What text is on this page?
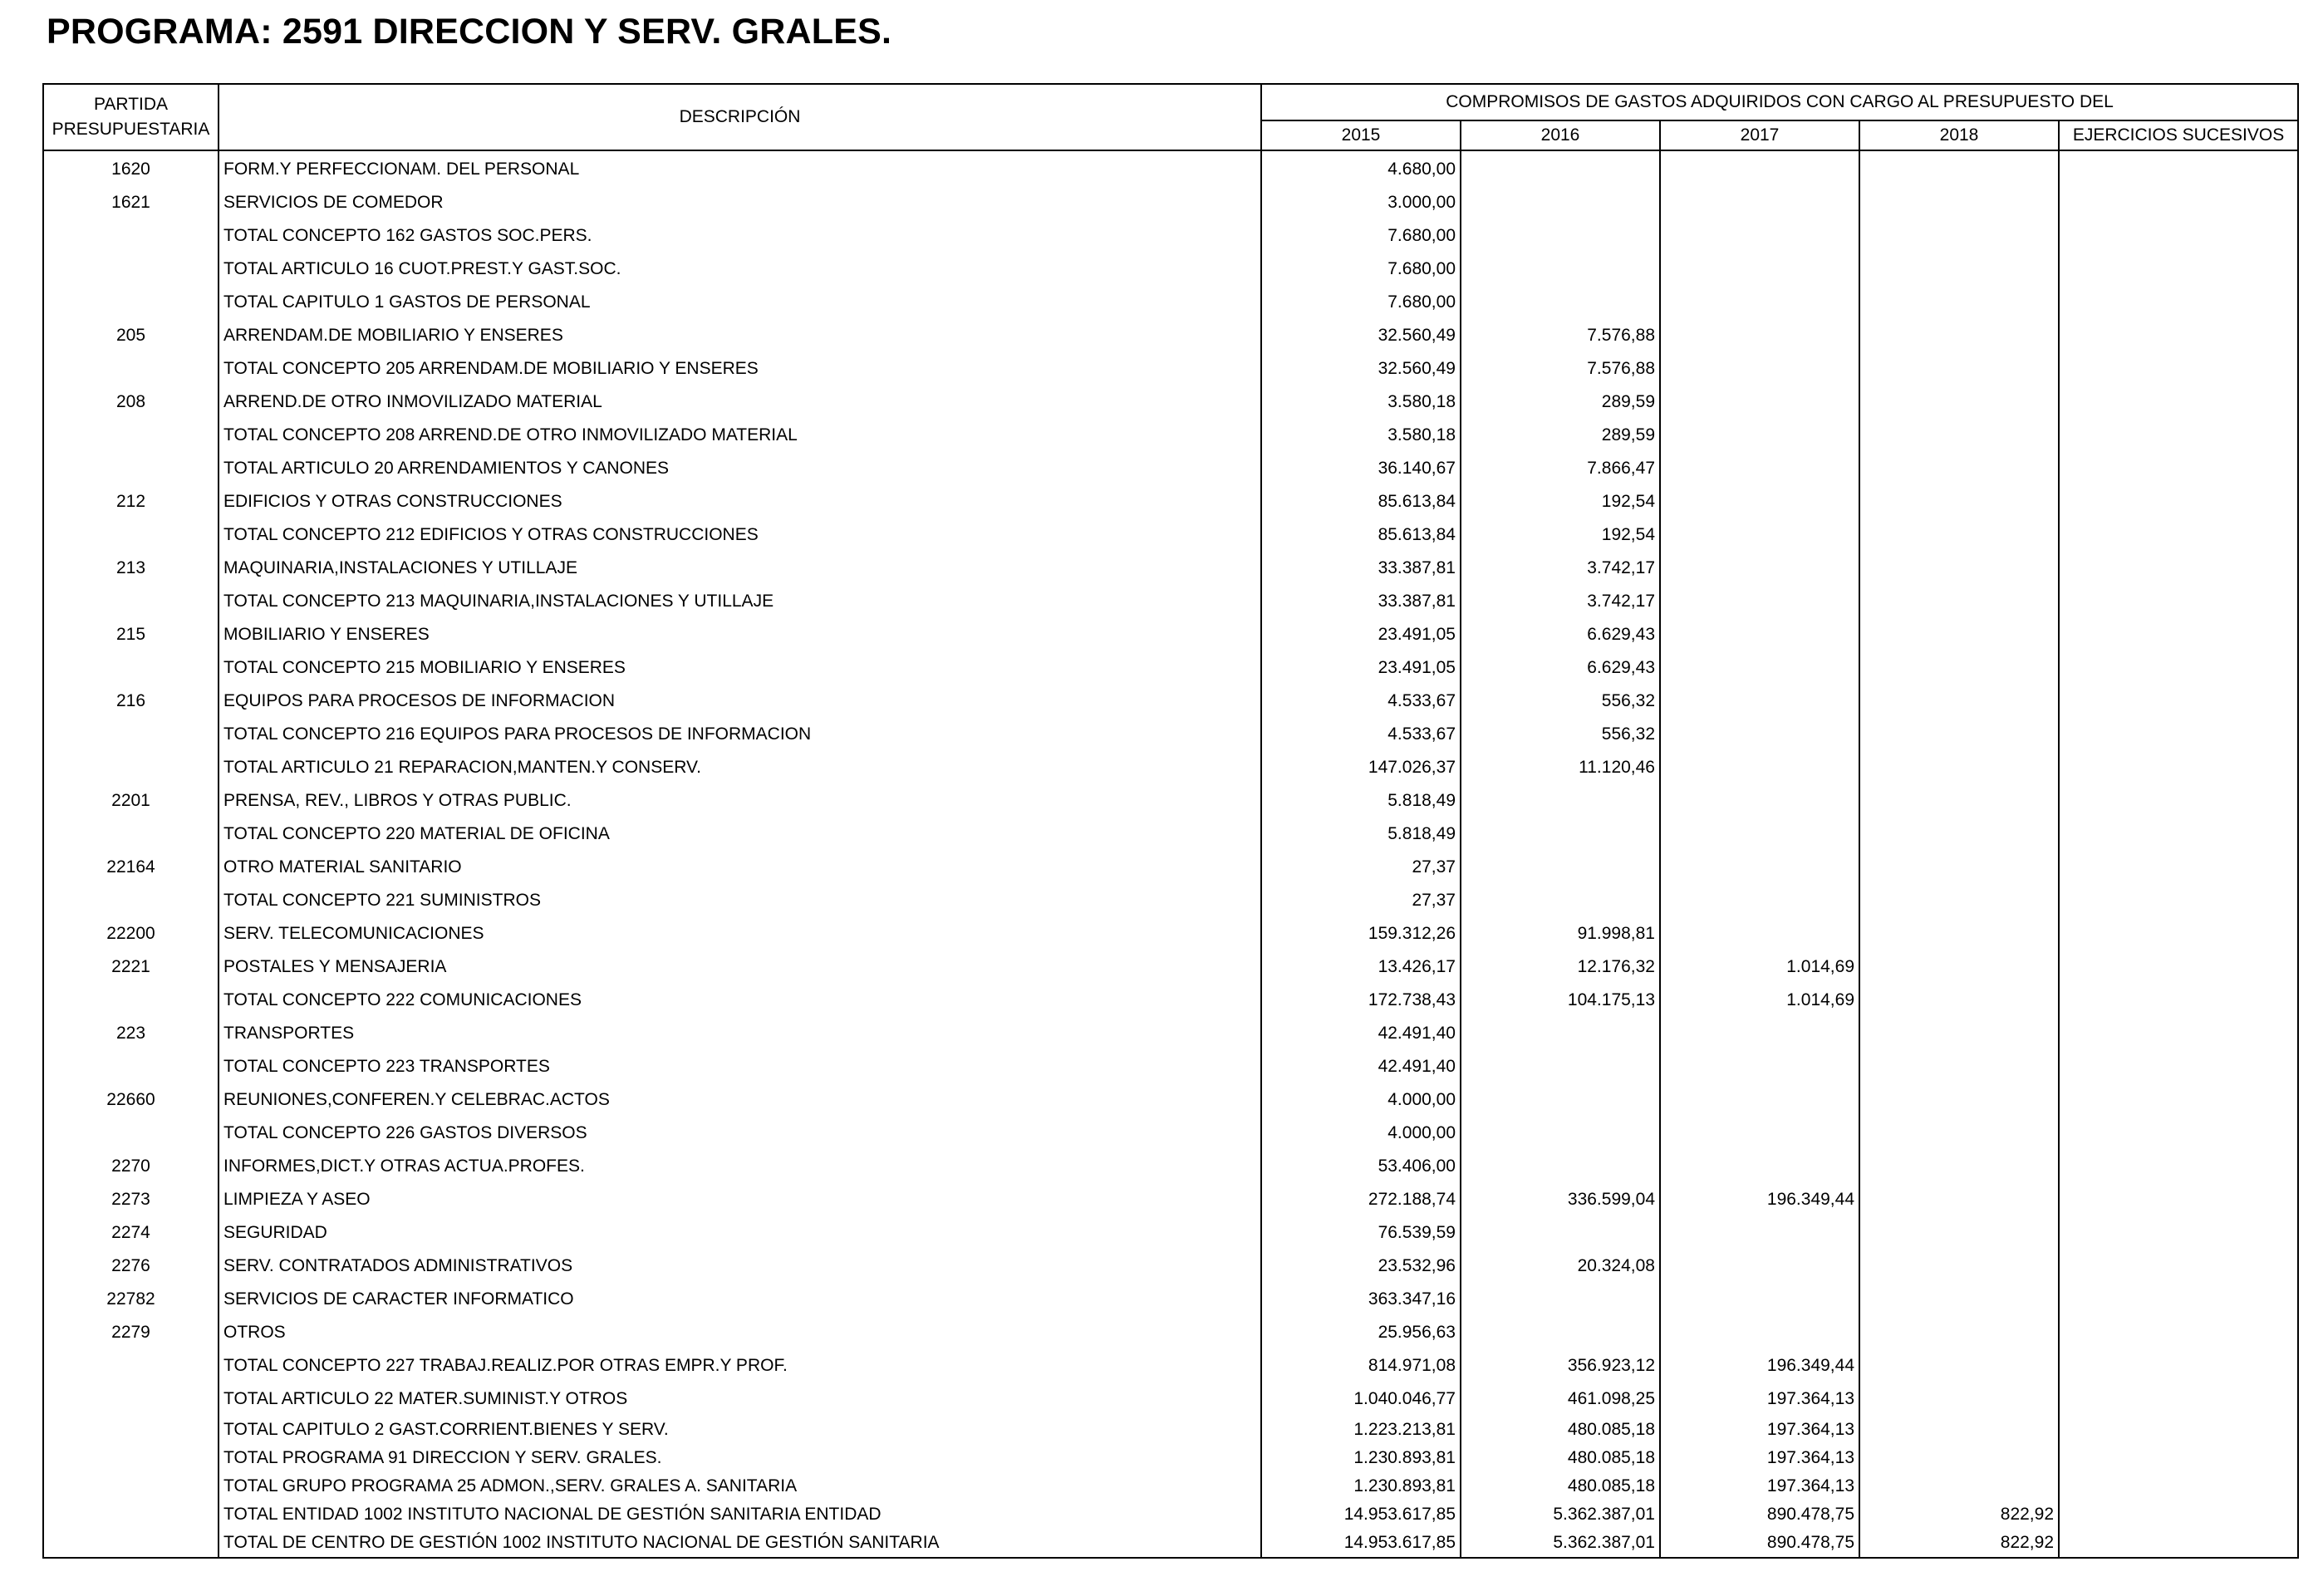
PROGRAMA: 2591 DIRECCION Y SERV. GRALES.
PARTIDA PRESUPUESTARIA	DESCRIPCIÓN	COMPROMISOS DE GASTOS ADQUIRIDOS CON CARGO AL PRESUPUESTO DEL				
		2015	2016	2017	2018	EJERCICIOS SUCESIVOS
1620	FORM.Y PERFECCIONAM. DEL PERSONAL	4.680,00				
1621	SERVICIOS DE COMEDOR	3.000,00				
	TOTAL CONCEPTO 162 GASTOS SOC.PERS.	7.680,00				
	TOTAL ARTICULO 16 CUOT.PREST.Y GAST.SOC.	7.680,00				
	TOTAL CAPITULO 1 GASTOS DE PERSONAL	7.680,00				
205	ARRENDAM.DE MOBILIARIO Y ENSERES	32.560,49	7.576,88			
	TOTAL CONCEPTO 205 ARRENDAM.DE MOBILIARIO Y ENSERES	32.560,49	7.576,88			
208	ARREND.DE OTRO INMOVILIZADO MATERIAL	3.580,18	289,59			
	TOTAL CONCEPTO 208 ARREND.DE OTRO INMOVILIZADO MATERIAL	3.580,18	289,59			
	TOTAL ARTICULO 20 ARRENDAMIENTOS Y CANONES	36.140,67	7.866,47			
212	EDIFICIOS Y OTRAS CONSTRUCCIONES	85.613,84	192,54			
	TOTAL CONCEPTO 212 EDIFICIOS Y OTRAS CONSTRUCCIONES	85.613,84	192,54			
213	MAQUINARIA,INSTALACIONES Y UTILLAJE	33.387,81	3.742,17			
	TOTAL CONCEPTO 213 MAQUINARIA,INSTALACIONES Y UTILLAJE	33.387,81	3.742,17			
215	MOBILIARIO Y ENSERES	23.491,05	6.629,43			
	TOTAL CONCEPTO 215 MOBILIARIO Y ENSERES	23.491,05	6.629,43			
216	EQUIPOS PARA PROCESOS DE INFORMACION	4.533,67	556,32			
	TOTAL CONCEPTO 216 EQUIPOS PARA PROCESOS DE INFORMACION	4.533,67	556,32			
	TOTAL ARTICULO 21 REPARACION,MANTEN.Y CONSERV.	147.026,37	11.120,46			
2201	PRENSA, REV., LIBROS Y OTRAS PUBLIC.	5.818,49				
	TOTAL CONCEPTO 220 MATERIAL DE OFICINA	5.818,49				
22164	OTRO MATERIAL SANITARIO	27,37				
	TOTAL CONCEPTO 221 SUMINISTROS	27,37				
22200	SERV. TELECOMUNICACIONES	159.312,26	91.998,81			
2221	POSTALES Y MENSAJERIA	13.426,17	12.176,32	1.014,69		
	TOTAL CONCEPTO 222 COMUNICACIONES	172.738,43	104.175,13	1.014,69		
223	TRANSPORTES	42.491,40				
	TOTAL CONCEPTO 223 TRANSPORTES	42.491,40				
22660	REUNIONES,CONFEREN.Y CELEBRAC.ACTOS	4.000,00				
	TOTAL CONCEPTO 226 GASTOS DIVERSOS	4.000,00				
2270	INFORMES,DICT.Y OTRAS ACTUA.PROFES.	53.406,00				
2273	LIMPIEZA Y ASEO	272.188,74	336.599,04	196.349,44		
2274	SEGURIDAD	76.539,59				
2276	SERV. CONTRATADOS ADMINISTRATIVOS	23.532,96	20.324,08			
22782	SERVICIOS DE CARACTER INFORMATICO	363.347,16				
2279	OTROS	25.956,63				
	TOTAL CONCEPTO 227 TRABAJ.REALIZ.POR OTRAS EMPR.Y PROF.	814.971,08	356.923,12	196.349,44		
	TOTAL ARTICULO 22 MATER.SUMINIST.Y OTROS	1.040.046,77	461.098,25	197.364,13		
	TOTAL CAPITULO 2 GAST.CORRIENT.BIENES Y SERV.	1.223.213,81	480.085,18	197.364,13		
	TOTAL PROGRAMA 91 DIRECCION Y SERV. GRALES.	1.230.893,81	480.085,18	197.364,13		
	TOTAL GRUPO PROGRAMA 25 ADMON.,SERV. GRALES A. SANITARIA	1.230.893,81	480.085,18	197.364,13		
	TOTAL ENTIDAD 1002 INSTITUTO NACIONAL DE GESTIÓN SANITARIA ENTIDAD	14.953.617,85	5.362.387,01	890.478,75	822,92	
	TOTAL DE CENTRO DE GESTIÓN 1002 INSTITUTO NACIONAL DE GESTIÓN SANITARIA	14.953.617,85	5.362.387,01	890.478,75	822,92	
